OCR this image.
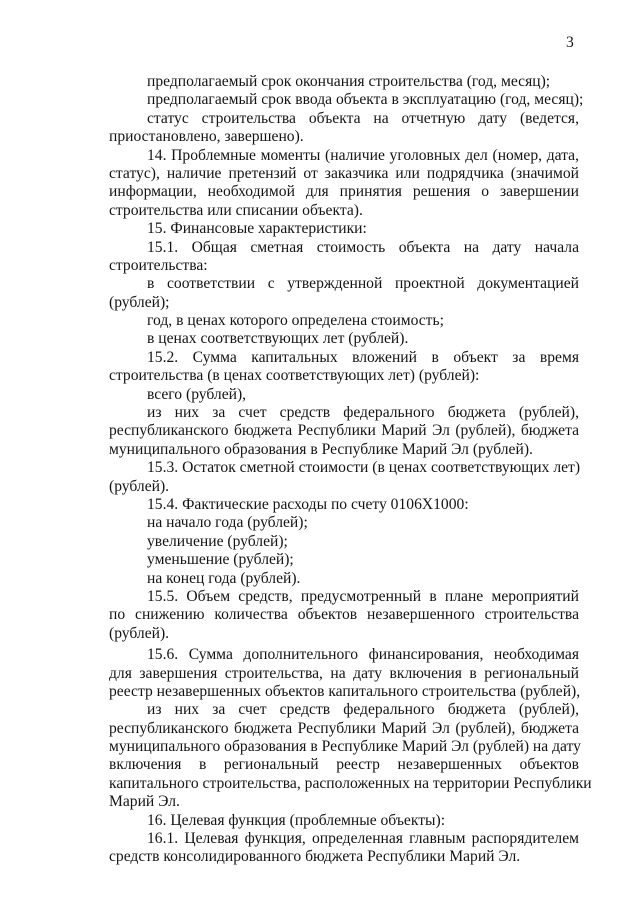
3
предполагаемый срок окончания строительства (год, месяц);
предполагаемый срок ввода объекта в эксплуатацию (год, месяц);
статус строительства объекта на отчетную дату (ведется,
приостановлено, завершено).
14. Проблемные моменты (наличие уголовных дел (номер, дата,
статус), наличие претензий от заказчика или подрядчика (значимой
информации, необходимой для принятия решения о завершении
строительства или списании объекта).
15. Финансовые характеристики:
15.1. Общая сметная стоимость объекта на дату начала
строительства:
в соответствии с утвержденной проектной документацией
(рублей);
год, в ценах которого определена стоимость;
в ценах соответствующих лет (рублей).
15.2. Сумма капитальных вложений в объект за время
строительства (в ценах соответствующих лет) (рублей):
всего (рублей),
из них за счет средств федерального бюджета (рублей),
республиканского бюджета Республики Марий Эл (рублей), бюджета
муниципального образования в Республике Марий Эл (рублей).
15.3. Остаток сметной стоимости (в ценах соответствующих лет)
(рублей).
15.4. Фактические расходы по счету 0106Х1000:
на начало года (рублей);
увеличение (рублей);
уменьшение (рублей);
на конец года (рублей).
15.5. Объем средств, предусмотренный в плане мероприятий
по снижению количества объектов незавершенного строительства
(рублей).
15.6. Сумма дополнительного финансирования, необходимая
для завершения строительства, на дату включения в региональный
реестр незавершенных объектов капитального строительства (рублей),
из них за счет средств федерального бюджета (рублей),
республиканского бюджета Республики Марий Эл (рублей), бюджета
муниципального образования в Республике Марий Эл (рублей) на дату
включения в региональный реестр незавершенных объектов
капитального строительства, расположенных на территории Республики
Марий Эл.
16. Целевая функция (проблемные объекты):
16.1. Целевая функция, определенная главным распорядителем
средств консолидированного бюджета Республики Марий Эл.
